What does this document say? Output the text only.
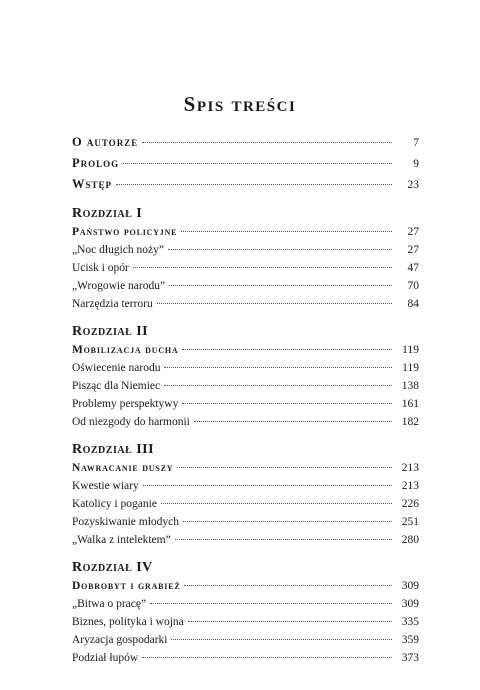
Spis treści
O autorze	7
Prolog	9
Wstęp	23
Rozdział I
Państwo policyjne	27
„Noc długich noży”	27
Ucisk i opór	47
„Wrogowie narodu”	70
Narzędzia terroru	84
Rozdział II
Mobilizacja ducha	119
Oświecenie narodu	119
Pisząc dla Niemiec	138
Problemy perspektywy	161
Od niezgody do harmonii	182
Rozdział III
Nawracanie duszy	213
Kwestie wiary	213
Katolicy i poganie	226
Pozyskiwanie młodych	251
„Walka z intelektem”	280
Rozdział IV
Dobrobyt i grabież	309
„Bitwa o pracę”	309
Biznes, polityka i wojna	335
Aryzacja gospodarki	359
Podział łupów	373
